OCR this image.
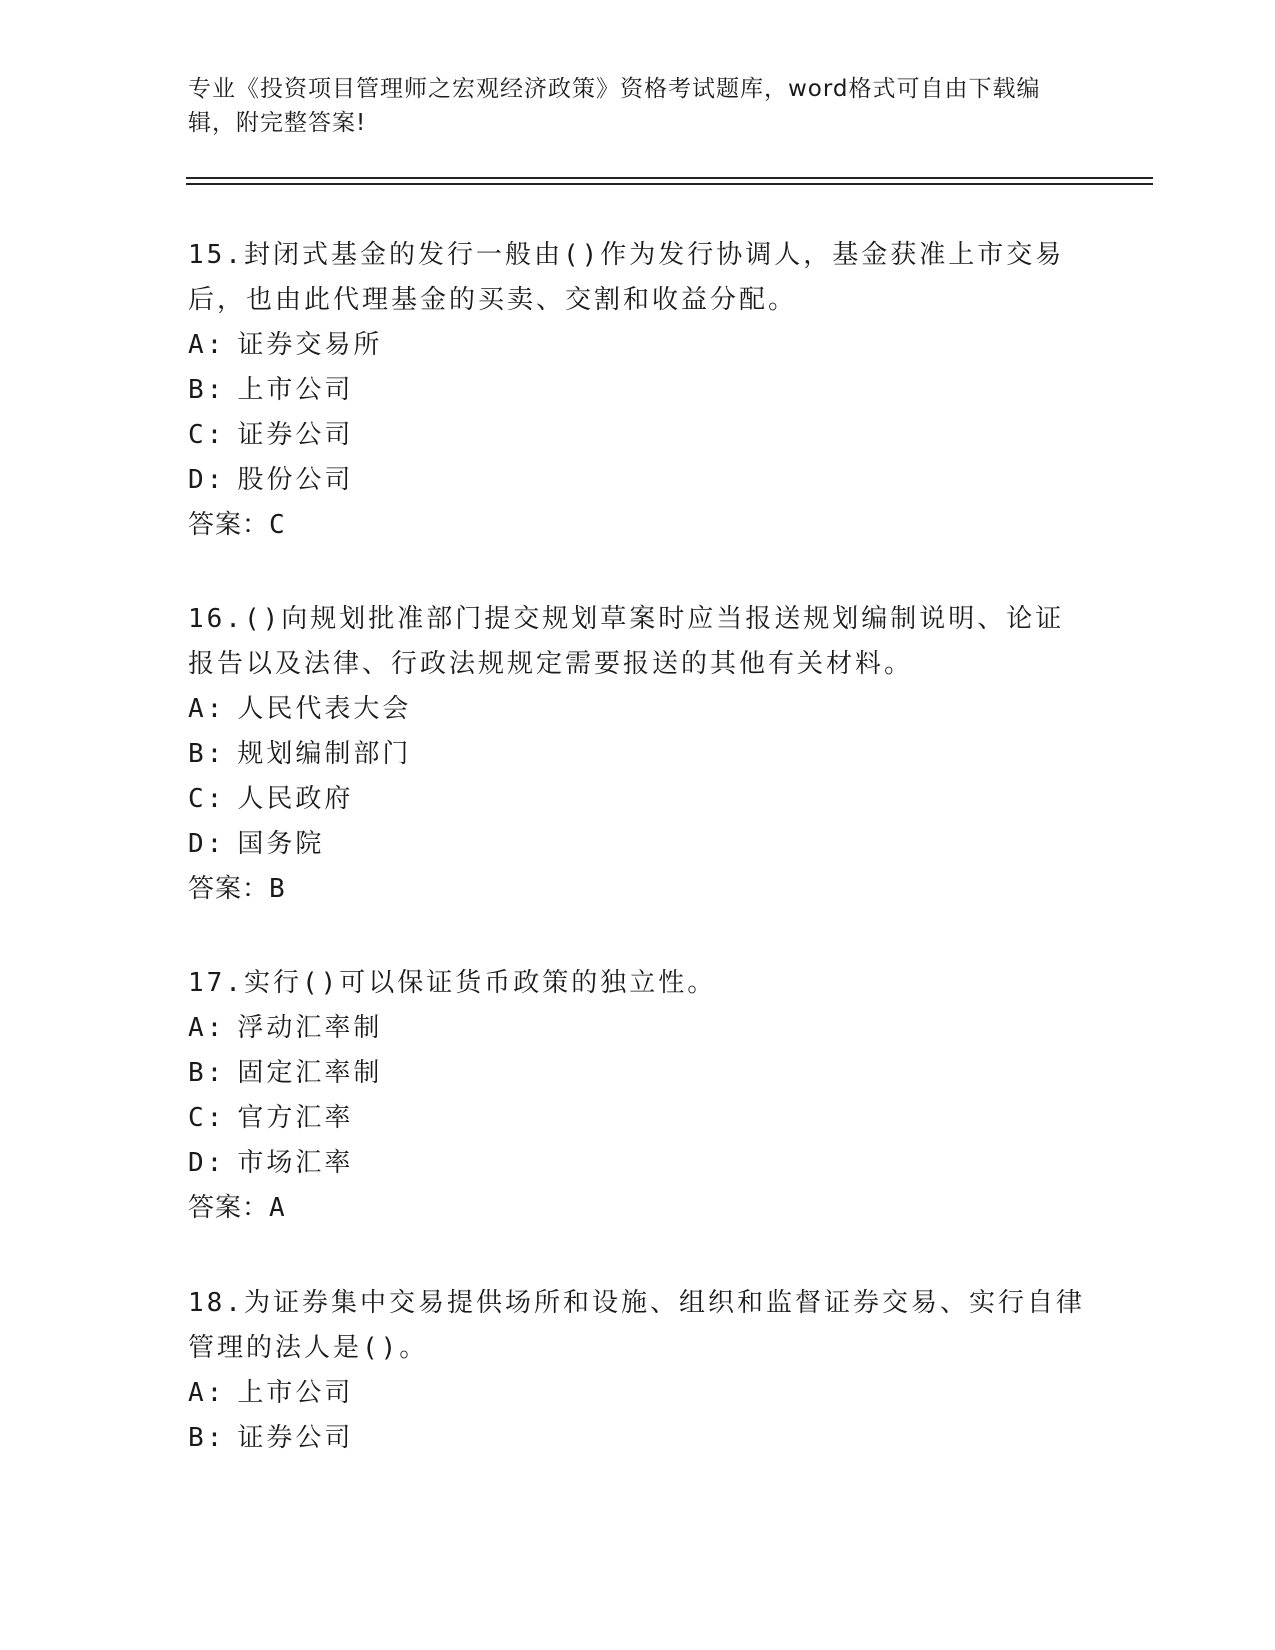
专业《投资项目管理师之宏观经济政策》资格考试题库，word格式可自由下载编辑，附完整答案!

15.封闭式基金的发行一般由()作为发行协调人，基金获准上市交易后，也由此代理基金的买卖、交割和收益分配。

A: 证券交易所
B: 上市公司
C: 证券公司
D: 股份公司
答案：C

16.()向规划批准部门提交规划草案时应当报送规划编制说明、论证报告以及法律、行政法规规定需要报送的其他有关材料。

A: 人民代表大会
B: 规划编制部门
C: 人民政府
D: 国务院
答案：B

17.实行()可以保证货币政策的独立性。

A: 浮动汇率制
B: 固定汇率制
C: 官方汇率
D: 市场汇率
答案：A

18.为证券集中交易提供场所和设施、组织和监督证券交易、实行自律管理的法人是()。

A: 上市公司
B: 证券公司
